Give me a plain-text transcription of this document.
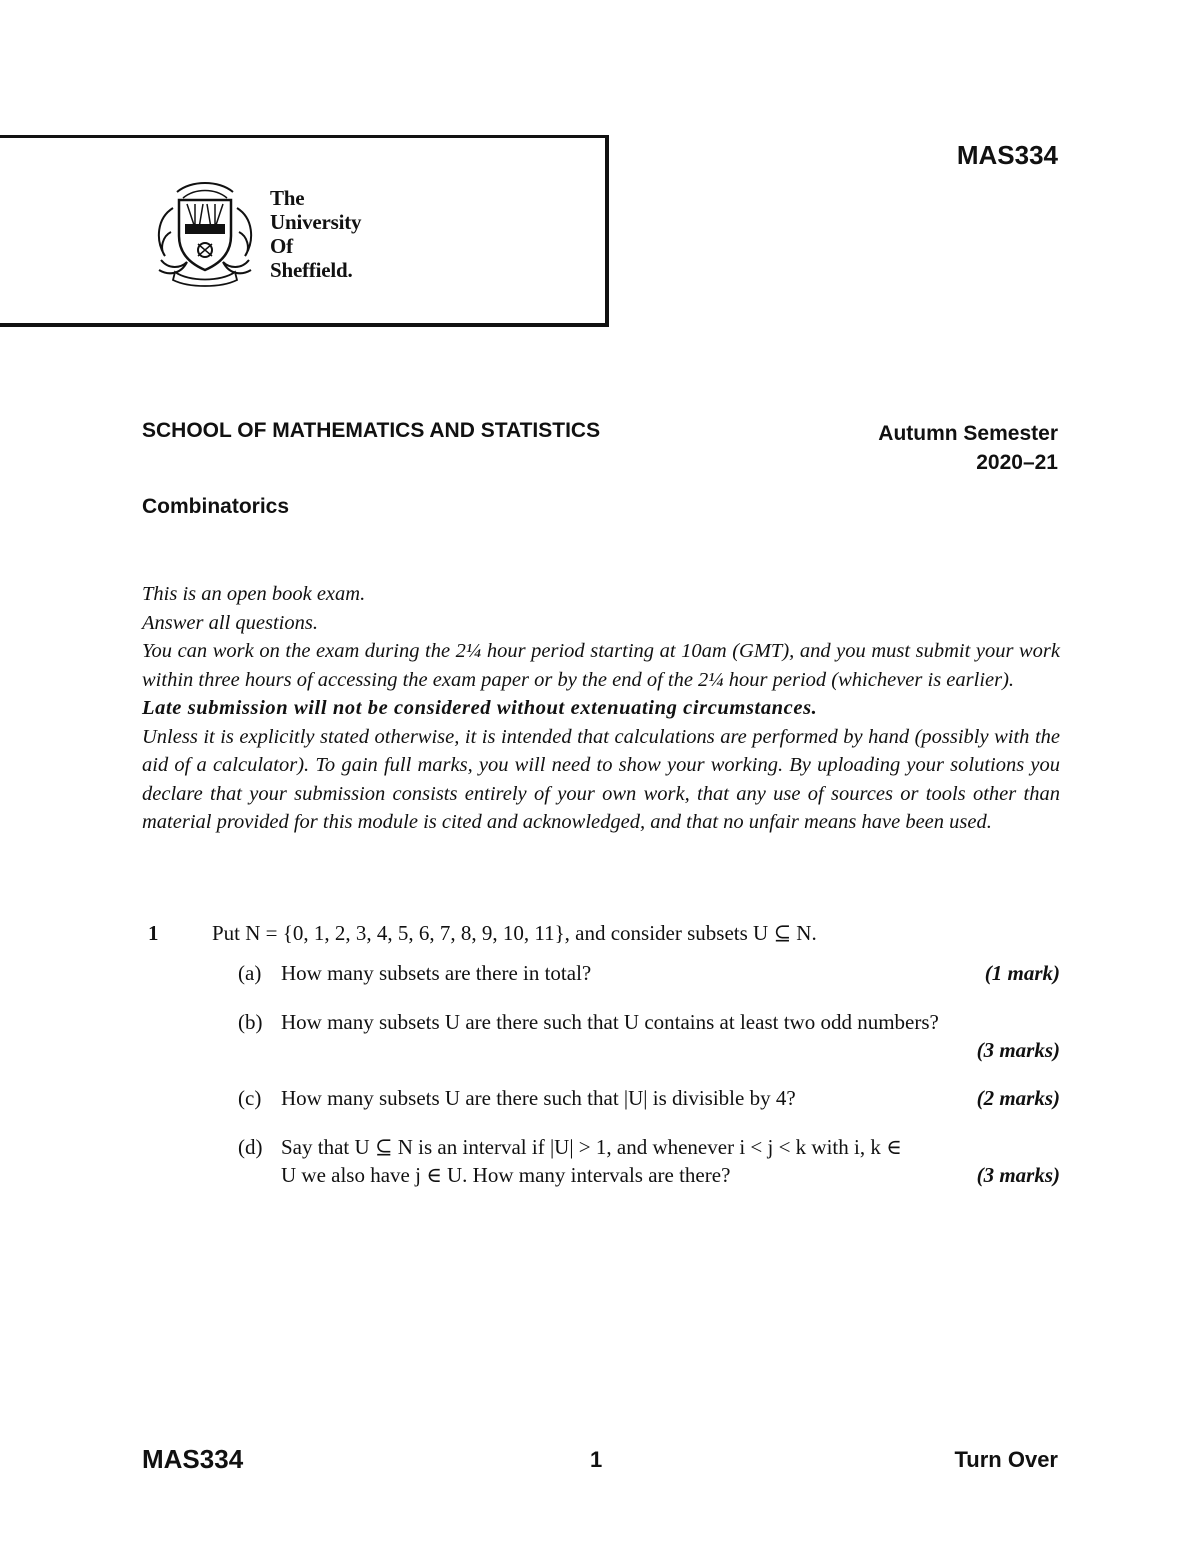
The
University
Of
Sheffield.
MAS334
SCHOOL OF MATHEMATICS AND STATISTICS	Autumn Semester
2020–21
Combinatorics
This is an open book exam.
Answer all questions.
You can work on the exam during the 2¼ hour period starting at 10am (GMT), and you must submit your work within three hours of accessing the exam paper or by the end of the 2¼ hour period (whichever is earlier).
Late submission will not be considered without extenuating circumstances.
Unless it is explicitly stated otherwise, it is intended that calculations are performed by hand (possibly with the aid of a calculator). To gain full marks, you will need to show your working. By uploading your solutions you declare that your submission consists entirely of your own work, that any use of sources or tools other than material provided for this module is cited and acknowledged, and that no unfair means have been used.
1	Put N = {0, 1, 2, 3, 4, 5, 6, 7, 8, 9, 10, 11}, and consider subsets U ⊆ N.
(a) How many subsets are there in total?	(1 mark)
(b) How many subsets U are there such that U contains at least two odd numbers?
(3 marks)
(c) How many subsets U are there such that |U| is divisible by 4?	(2 marks)
(d) Say that U ⊆ N is an interval if |U| > 1, and whenever i < j < k with i, k ∈ U we also have j ∈ U. How many intervals are there?	(3 marks)
MAS334	1	Turn Over
